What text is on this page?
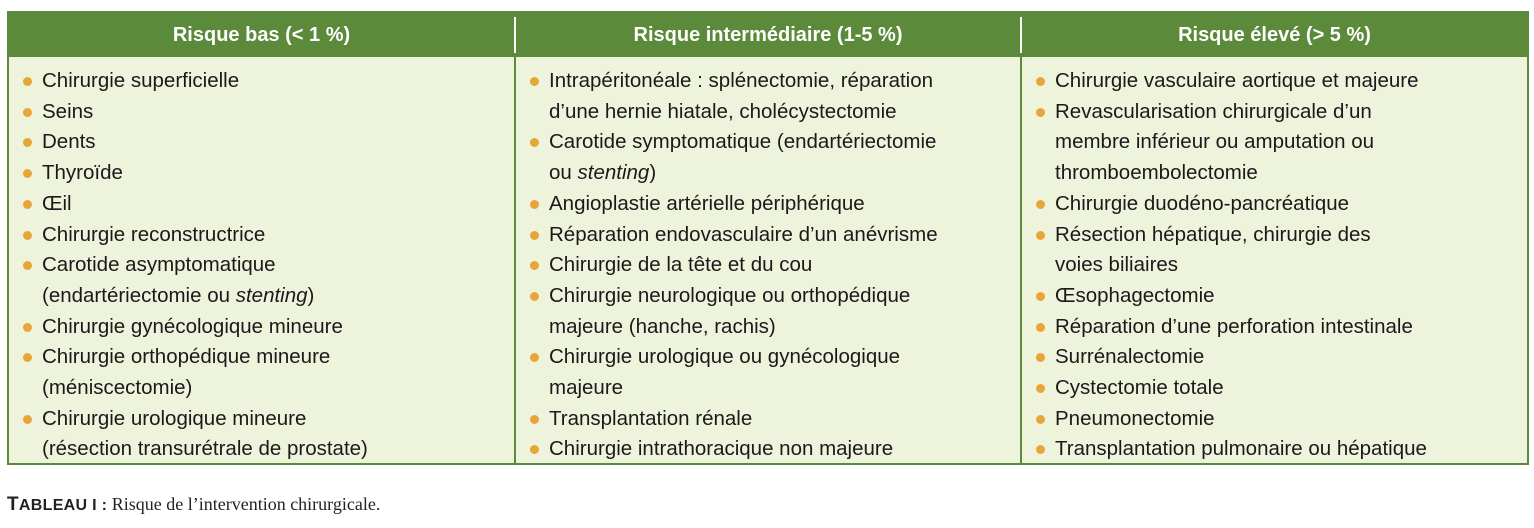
Risque bas (< 1 %)	Risque intermédiaire (1-5 %)	Risque élevé (> 5 %)
Chirurgie superficielle
Seins
Dents
Thyroïde
Œil
Chirurgie reconstructrice
Carotide asymptomatique
(endartériectomie ou stenting)
Chirurgie gynécologique mineure
Chirurgie orthopédique mineure
(méniscectomie)
Chirurgie urologique mineure
(résection transurétrale de prostate)
Intrapéritonéale : splénectomie, réparation
d’une hernie hiatale, cholécystectomie
Carotide symptomatique (endartériectomie
ou stenting)
Angioplastie artérielle périphérique
Réparation endovasculaire d’un anévrisme
Chirurgie de la tête et du cou
Chirurgie neurologique ou orthopédique
majeure (hanche, rachis)
Chirurgie urologique ou gynécologique
majeure
Transplantation rénale
Chirurgie intrathoracique non majeure
Chirurgie vasculaire aortique et majeure
Revascularisation chirurgicale d’un
membre inférieur ou amputation ou
thromboembolectomie
Chirurgie duodéno-pancréatique
Résection hépatique, chirurgie des
voies biliaires
Œsophagectomie
Réparation d’une perforation intestinale
Surrénalectomie
Cystectomie totale
Pneumonectomie
Transplantation pulmonaire ou hépatique
TABLEAU I : Risque de l’intervention chirurgicale.
